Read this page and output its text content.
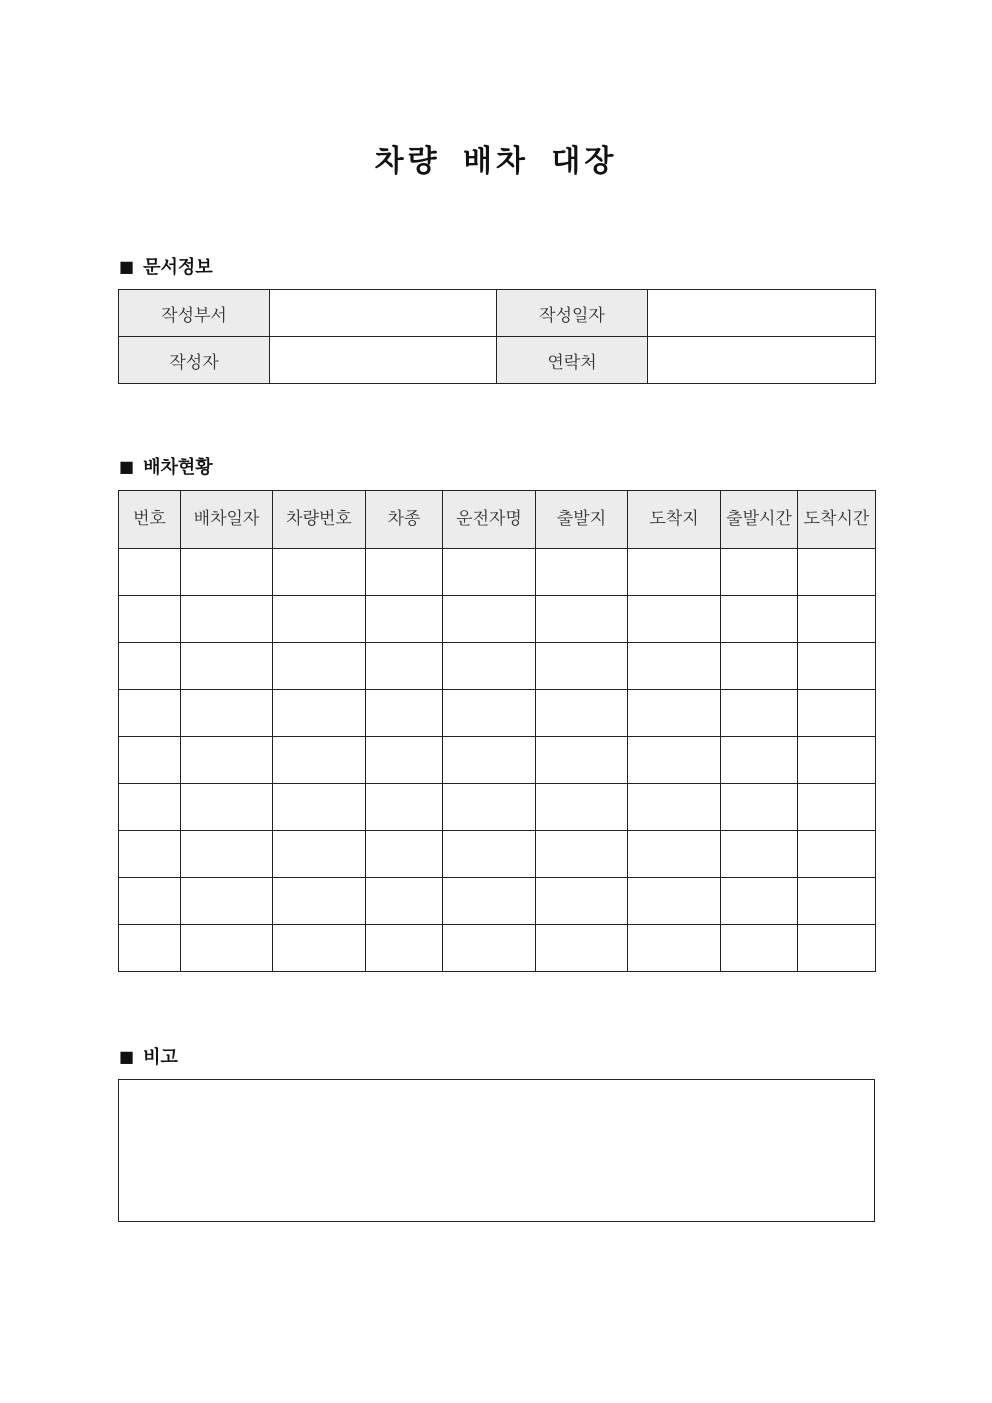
차량 배차 대장
■ 문서정보
작성부서		작성일자	
작성자		연락처	
■ 배차현황
번호	배차일자	차량번호	차종	운전자명	출발지	도착지	출발시간	도착시간

■ 비고
